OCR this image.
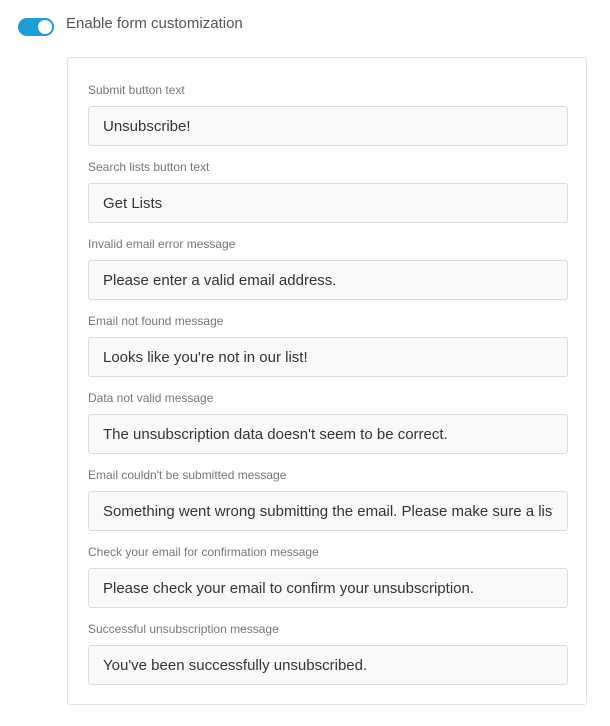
Enable form customization
Submit button text
Unsubscribe!
Search lists button text
Get Lists
Invalid email error message
Please enter a valid email address.
Email not found message
Looks like you're not in our list!
Data not valid message
The unsubscription data doesn't seem to be correct.
Email couldn't be submitted message
Something went wrong submitting the email. Please make sure a list is selected.
Check your email for confirmation message
Please check your email to confirm your unsubscription.
Successful unsubscription message
You've been successfully unsubscribed.
